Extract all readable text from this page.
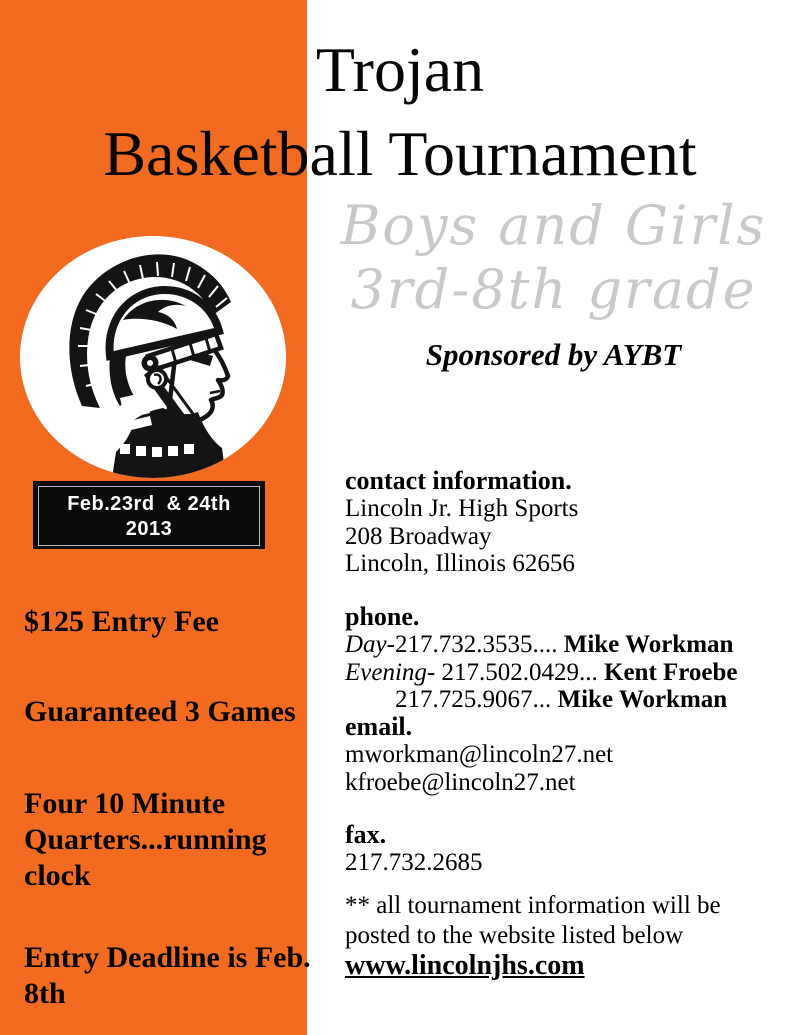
Trojan
Basketball Tournament
Boys and Girls
3rd-8th grade
Sponsored by AYBT
Feb.23rd  & 24th
2013
$125 Entry Fee
Guaranteed 3 Games
Four 10 Minute Quarters...running clock
Entry Deadline is Feb. 8th
contact information.
Lincoln Jr. High Sports
208 Broadway
Lincoln, Illinois 62656
phone.
Day-217.732.3535.... Mike Workman
Evening- 217.502.0429... Kent Froebe
217.725.9067... Mike Workman
email.
mworkman@lincoln27.net
kfroebe@lincoln27.net
fax.
217.732.2685
** all tournament information will be
posted to the website listed below
www.lincolnjhs.com
